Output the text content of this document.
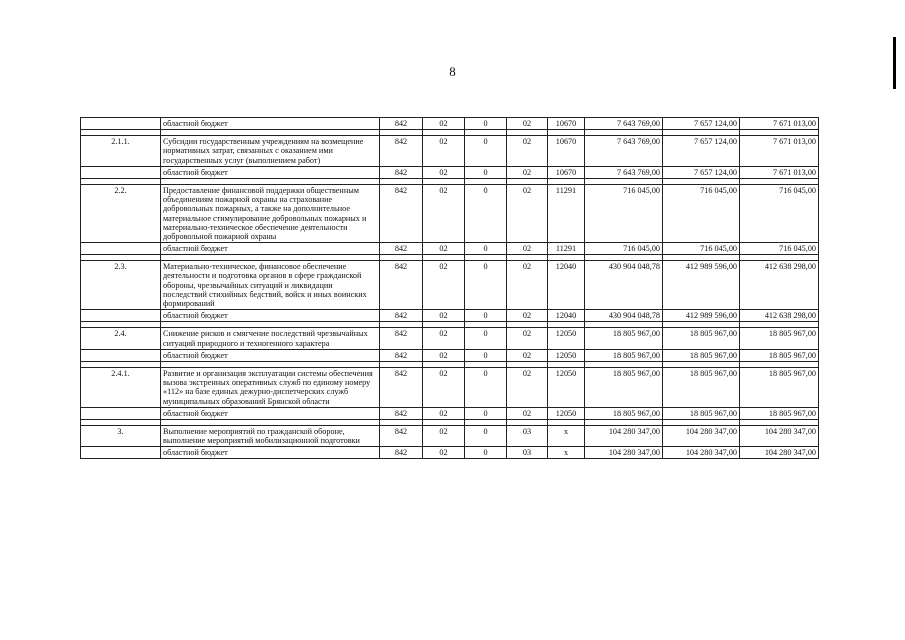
8
	областной бюджет	842	02	0	02	10670	7 643 769,00	7 657 124,00	7 671 013,00

2.1.1.	Субсидии государственным учреждениям на возмещение нормативных затрат, связанных с оказанием ими государственных услуг (выполнением работ)	842	02	0	02	10670	7 643 769,00	7 657 124,00	7 671 013,00
	областной бюджет	842	02	0	02	10670	7 643 769,00	7 657 124,00	7 671 013,00

2.2.	Предоставление финансовой поддержки общественным объединениям пожарной охраны на страхование добровольных пожарных, а также на дополнительное материальное стимулирование добровольных пожарных и материально-техническое обеспечение деятельности добровольной пожарной охраны	842	02	0	02	11291	716 045,00	716 045,00	716 045,00
	областной бюджет	842	02	0	02	11291	716 045,00	716 045,00	716 045,00

2.3.	Материально-техническое, финансовое обеспечение деятельности и подготовка органов в сфере гражданской обороны, чрезвычайных ситуаций и ликвидации последствий стихийных бедствий, войск и иных воинских формирований	842	02	0	02	12040	430 904 048,78	412 989 596,00	412 638 298,00
	областной бюджет	842	02	0	02	12040	430 904 048,78	412 989 596,00	412 638 298,00

2.4.	Снижение рисков и смягчение последствий чрезвычайных ситуаций природного и техногенного характера	842	02	0	02	12050	18 805 967,00	18 805 967,00	18 805 967,00
	областной бюджет	842	02	0	02	12050	18 805 967,00	18 805 967,00	18 805 967,00

2.4.1.	Развитие и организация эксплуатации системы обеспечения вызова экстренных оперативных служб по единому номеру «112» на базе единых дежурно-диспетчерских служб муниципальных образований Брянской области	842	02	0	02	12050	18 805 967,00	18 805 967,00	18 805 967,00
	областной бюджет	842	02	0	02	12050	18 805 967,00	18 805 967,00	18 805 967,00

3.	Выполнение мероприятий по гражданской обороне, выполнение мероприятий мобилизационной подготовки	842	02	0	03	х	104 280 347,00	104 280 347,00	104 280 347,00
	областной бюджет	842	02	0	03	х	104 280 347,00	104 280 347,00	104 280 347,00
